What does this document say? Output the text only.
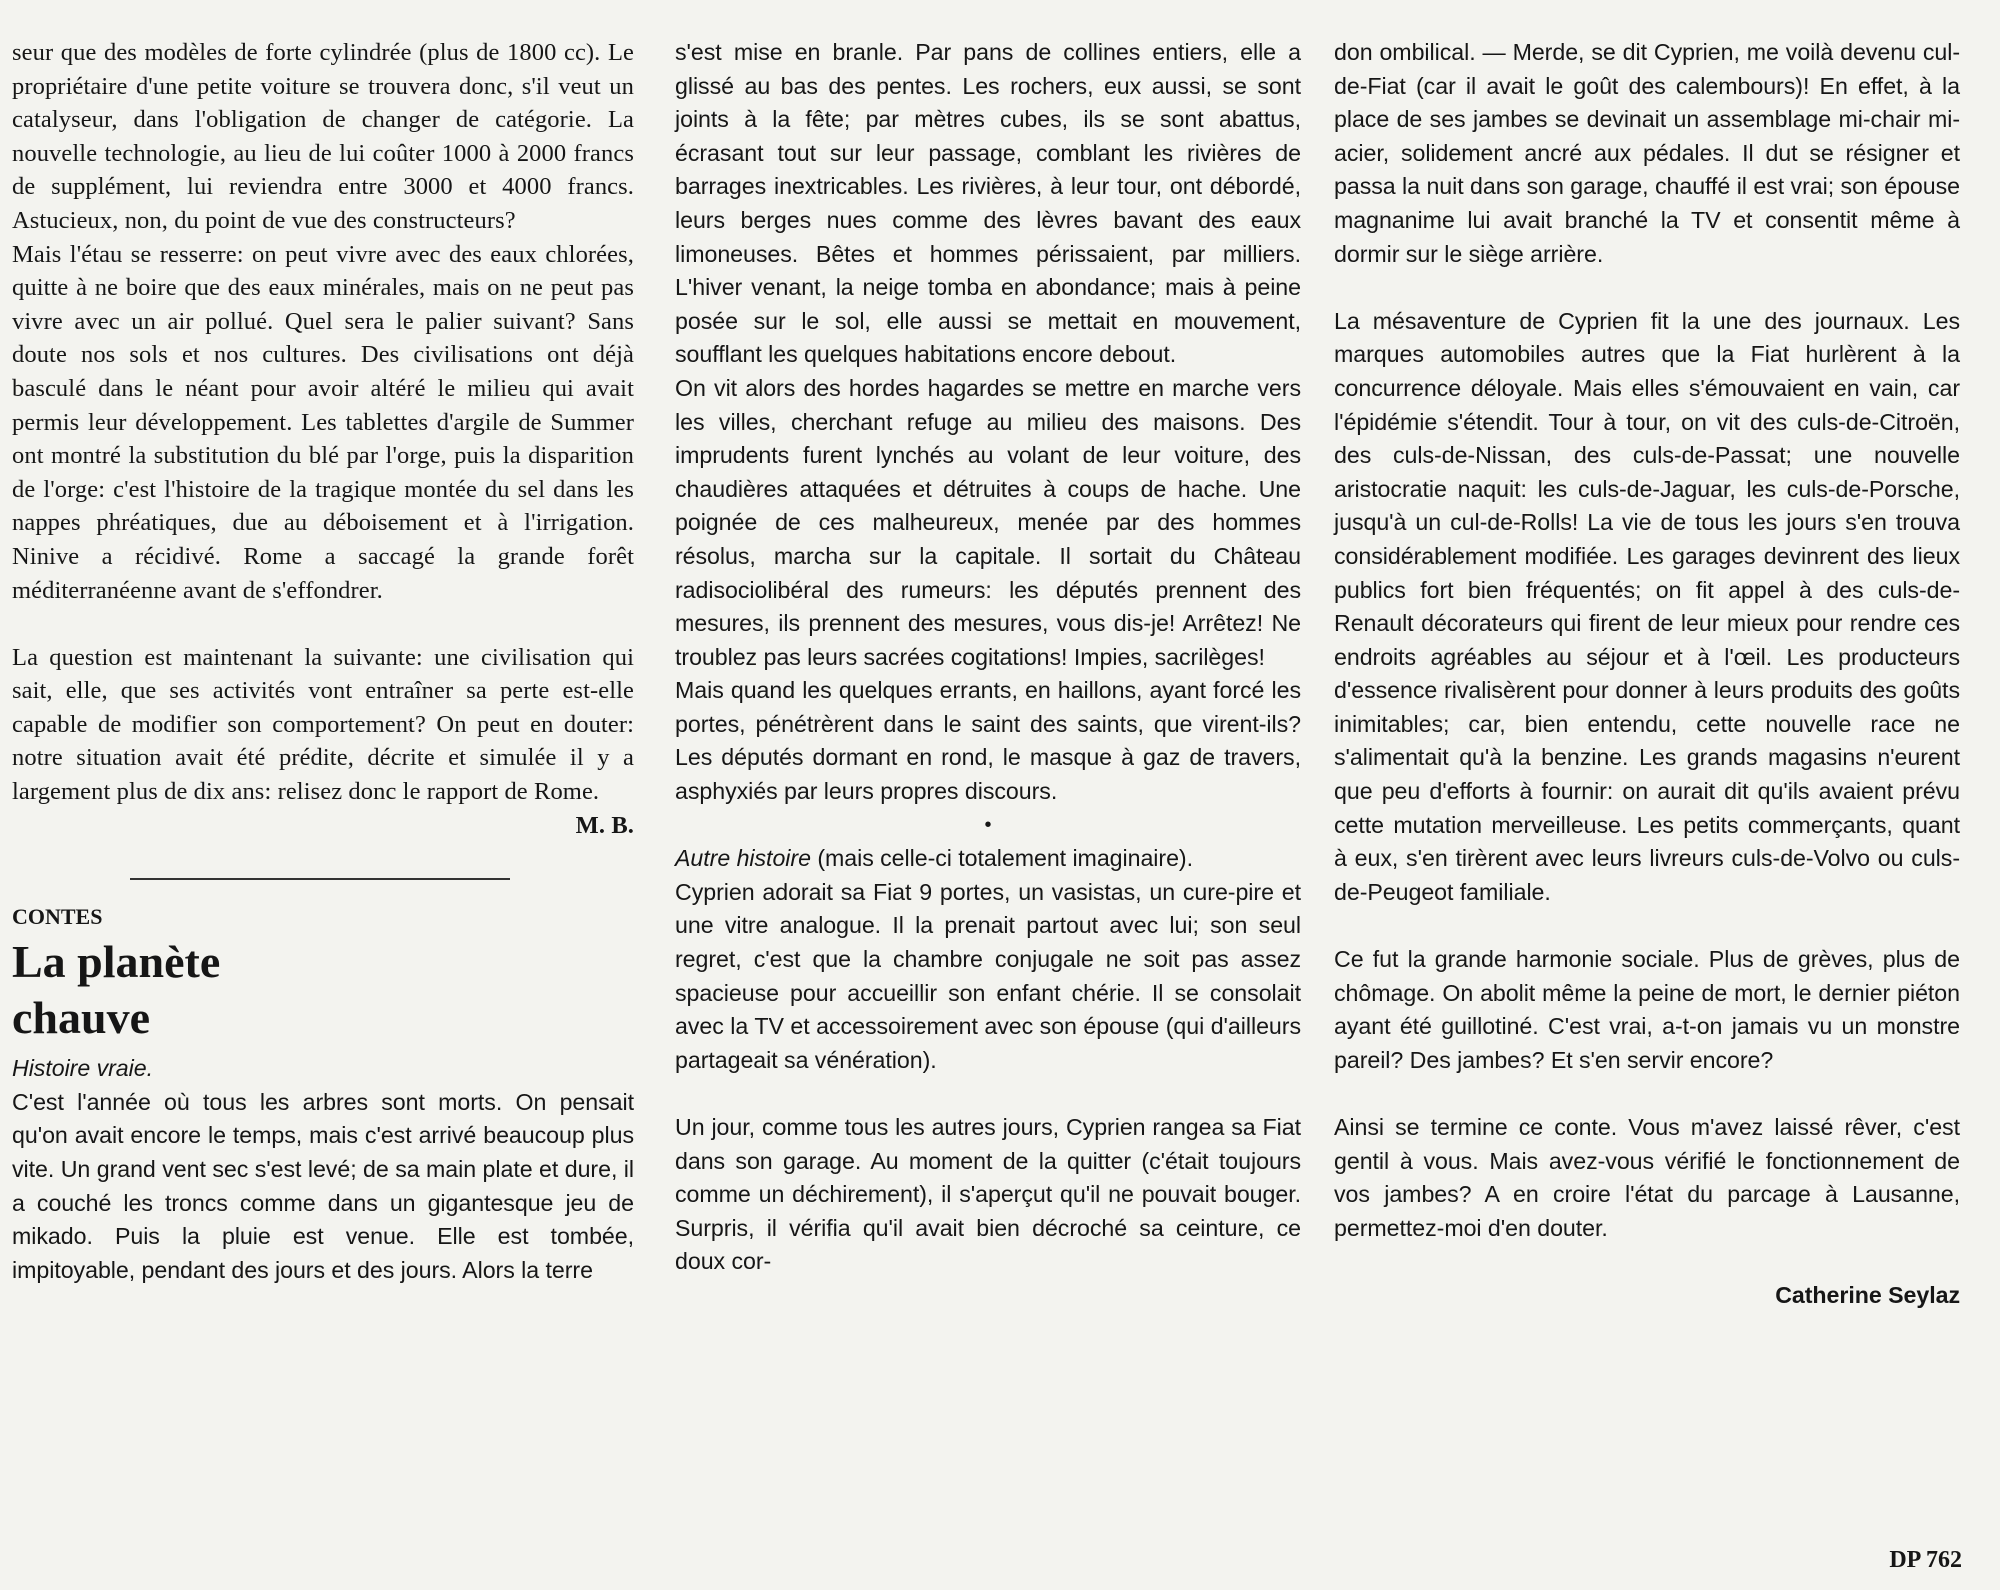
seur que des modèles de forte cylindrée (plus de 1800 cc). Le propriétaire d'une petite voiture se trouvera donc, s'il veut un catalyseur, dans l'obligation de changer de catégorie. La nouvelle technologie, au lieu de lui coûter 1000 à 2000 francs de supplément, lui reviendra entre 3000 et 4000 francs. Astucieux, non, du point de vue des constructeurs?

Mais l'étau se resserre: on peut vivre avec des eaux chlorées, quitte à ne boire que des eaux minérales, mais on ne peut pas vivre avec un air pollué. Quel sera le palier suivant? Sans doute nos sols et nos cultures. Des civilisations ont déjà basculé dans le néant pour avoir altéré le milieu qui avait permis leur développement. Les tablettes d'argile de Summer ont montré la substitution du blé par l'orge, puis la disparition de l'orge: c'est l'histoire de la tragique montée du sel dans les nappes phréatiques, due au déboisement et à l'irrigation. Ninive a récidivé. Rome a saccagé la grande forêt méditerranéenne avant de s'effondrer.

La question est maintenant la suivante: une civilisation qui sait, elle, que ses activités vont entraîner sa perte est-elle capable de modifier son comportement? On peut en douter: notre situation avait été prédite, décrite et simulée il y a largement plus de dix ans: relisez donc le rapport de Rome.

M. B.

CONTES
La planète
chauve

Histoire vraie.

C'est l'année où tous les arbres sont morts. On pensait qu'on avait encore le temps, mais c'est arrivé beaucoup plus vite. Un grand vent sec s'est levé; de sa main plate et dure, il a couché les troncs comme dans un gigantesque jeu de mikado. Puis la pluie est venue. Elle est tombée, impitoyable, pendant des jours et des jours. Alors la terre

s'est mise en branle. Par pans de collines entiers, elle a glissé au bas des pentes. Les rochers, eux aussi, se sont joints à la fête; par mètres cubes, ils se sont abattus, écrasant tout sur leur passage, comblant les rivières de barrages inextricables. Les rivières, à leur tour, ont débordé, leurs berges nues comme des lèvres bavant des eaux limoneuses. Bêtes et hommes périssaient, par milliers. L'hiver venant, la neige tomba en abondance; mais à peine posée sur le sol, elle aussi se mettait en mouvement, soufflant les quelques habitations encore debout.

On vit alors des hordes hagardes se mettre en marche vers les villes, cherchant refuge au milieu des maisons. Des imprudents furent lynchés au volant de leur voiture, des chaudières attaquées et détruites à coups de hache. Une poignée de ces malheureux, menée par des hommes résolus, marcha sur la capitale. Il sortait du Château radisociolibéral des rumeurs: les députés prennent des mesures, ils prennent des mesures, vous dis-je! Arrêtez! Ne troublez pas leurs sacrées cogitations! Impies, sacrilèges!

Mais quand les quelques errants, en haillons, ayant forcé les portes, pénétrèrent dans le saint des saints, que virent-ils? Les députés dormant en rond, le masque à gaz de travers, asphyxiés par leurs propres discours.

•

Autre histoire (mais celle-ci totalement imaginaire).

Cyprien adorait sa Fiat 9 portes, un vasistas, un cure-pire et une vitre analogue. Il la prenait partout avec lui; son seul regret, c'est que la chambre conjugale ne soit pas assez spacieuse pour accueillir son enfant chérie. Il se consolait avec la TV et accessoirement avec son épouse (qui d'ailleurs partageait sa vénération).

Un jour, comme tous les autres jours, Cyprien rangea sa Fiat dans son garage. Au moment de la quitter (c'était toujours comme un déchirement), il s'aperçut qu'il ne pouvait bouger. Surpris, il vérifia qu'il avait bien décroché sa ceinture, ce doux cor-

don ombilical. — Merde, se dit Cyprien, me voilà devenu cul-de-Fiat (car il avait le goût des calembours)! En effet, à la place de ses jambes se devinait un assemblage mi-chair mi-acier, solidement ancré aux pédales. Il dut se résigner et passa la nuit dans son garage, chauffé il est vrai; son épouse magnanime lui avait branché la TV et consentit même à dormir sur le siège arrière.

La mésaventure de Cyprien fit la une des journaux. Les marques automobiles autres que la Fiat hurlèrent à la concurrence déloyale. Mais elles s'émouvaient en vain, car l'épidémie s'étendit. Tour à tour, on vit des culs-de-Citroën, des culs-de-Nissan, des culs-de-Passat; une nouvelle aristocratie naquit: les culs-de-Jaguar, les culs-de-Porsche, jusqu'à un cul-de-Rolls! La vie de tous les jours s'en trouva considérablement modifiée. Les garages devinrent des lieux publics fort bien fréquentés; on fit appel à des culs-de-Renault décorateurs qui firent de leur mieux pour rendre ces endroits agréables au séjour et à l'œil. Les producteurs d'essence rivalisèrent pour donner à leurs produits des goûts inimitables; car, bien entendu, cette nouvelle race ne s'alimentait qu'à la benzine. Les grands magasins n'eurent que peu d'efforts à fournir: on aurait dit qu'ils avaient prévu cette mutation merveilleuse. Les petits commerçants, quant à eux, s'en tirèrent avec leurs livreurs culs-de-Volvo ou culs-de-Peugeot familiale.

Ce fut la grande harmonie sociale. Plus de grèves, plus de chômage. On abolit même la peine de mort, le dernier piéton ayant été guillotiné. C'est vrai, a-t-on jamais vu un monstre pareil? Des jambes? Et s'en servir encore?

Ainsi se termine ce conte. Vous m'avez laissé rêver, c'est gentil à vous. Mais avez-vous vérifié le fonctionnement de vos jambes? A en croire l'état du parcage à Lausanne, permettez-moi d'en douter.

Catherine Seylaz

DP 762
